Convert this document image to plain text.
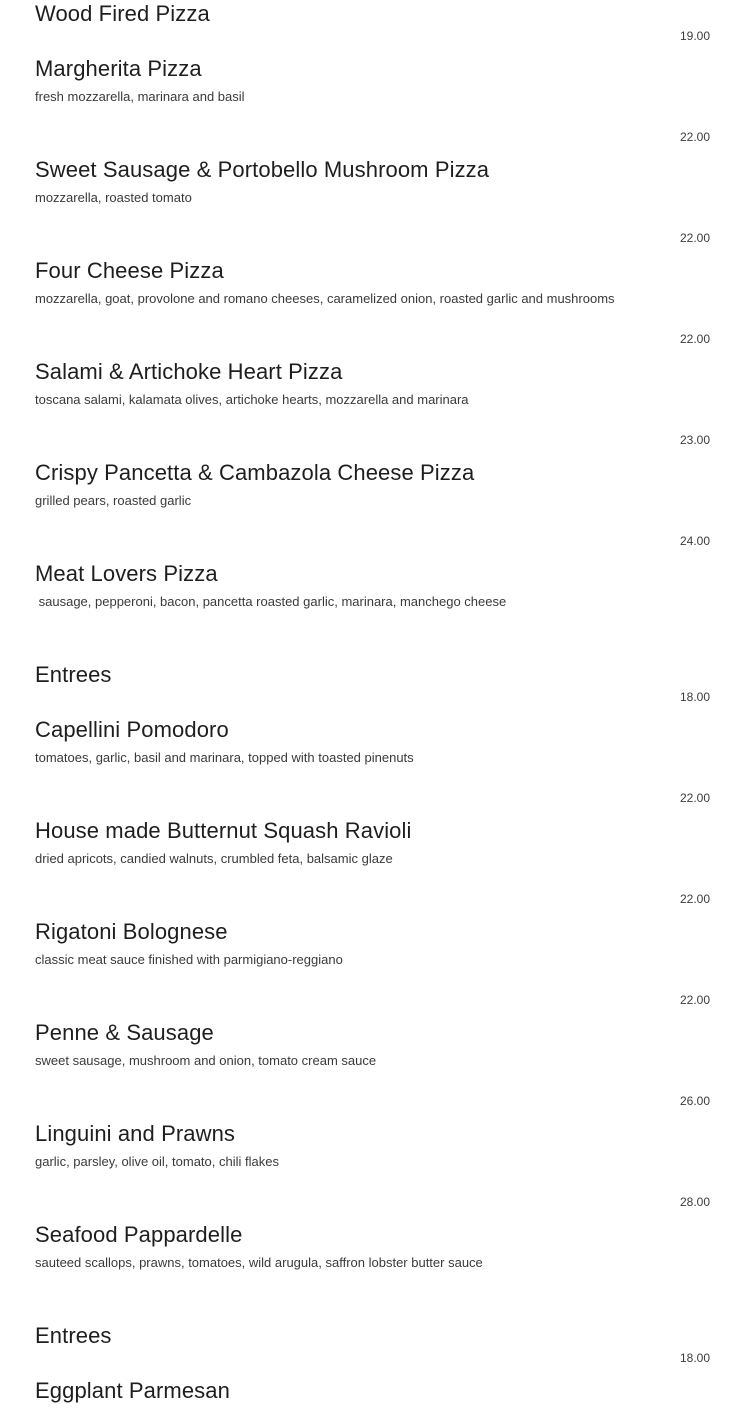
Wood Fired Pizza
19.00
Margherita Pizza

fresh mozzarella, marinara and basil

22.00
Sweet Sausage & Portobello Mushroom Pizza

mozzarella, roasted tomato

22.00
Four Cheese Pizza

mozzarella, goat, provolone and romano cheeses, caramelized onion, roasted garlic and mushrooms

22.00
Salami & Artichoke Heart Pizza

toscana salami, kalamata olives, artichoke hearts, mozzarella and marinara

23.00
Crispy Pancetta & Cambazola Cheese Pizza

grilled pears, roasted garlic

24.00
Meat Lovers Pizza

sausage, pepperoni, bacon, pancetta roasted garlic, marinara, manchego cheese

Entrees
18.00
Capellini Pomodoro

tomatoes, garlic, basil and marinara, topped with toasted pinenuts

22.00
House made Butternut Squash Ravioli

dried apricots, candied walnuts, crumbled feta, balsamic glaze

22.00
Rigatoni Bolognese

classic meat sauce finished with parmigiano-reggiano

22.00
Penne & Sausage

sweet sausage, mushroom and onion, tomato cream sauce

26.00
Linguini and Prawns

garlic, parsley, olive oil, tomato, chili flakes

28.00
Seafood Pappardelle

sauteed scallops, prawns, tomatoes, wild arugula, saffron lobster butter sauce

Entrees
18.00
Eggplant Parmesan
